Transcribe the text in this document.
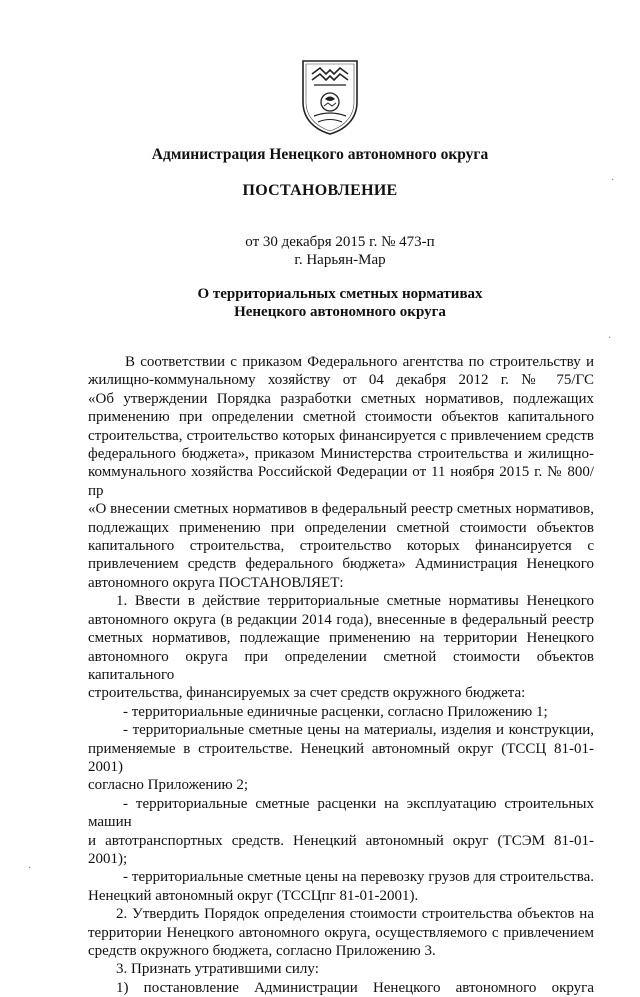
Администрация Ненецкого автономного округа
ПОСТАНОВЛЕНИЕ
от 30 декабря 2015 г. № 473-п
г. Нарьян-Мар
О территориальных сметных нормативах
Ненецкого автономного округа

В соответствии с приказом Федерального агентства по строительству и

жилищно-коммунальному хозяйству от 04 декабря 2012 г. № 75/ГС

«Об утверждении Порядка разработки сметных нормативов, подлежащих

применению при определении сметной стоимости объектов капитального

строительства, строительство которых финансируется с привлечением средств

федерального бюджета», приказом Министерства строительства и жилищно-

коммунального хозяйства Российской Федерации от 11 ноября 2015 г. № 800/пр

«О внесении сметных нормативов в федеральный реестр сметных нормативов,

подлежащих применению при определении сметной стоимости объектов

капитального строительства, строительство которых финансируется с

привлечением средств федерального бюджета» Администрация Ненецкого

автономного округа ПОСТАНОВЛЯЕТ:

1. Ввести в действие территориальные сметные нормативы Ненецкого

автономного округа (в редакции 2014 года), внесенные в федеральный реестр

сметных нормативов, подлежащие применению на территории Ненецкого

автономного округа при определении сметной стоимости объектов капитального

строительства, финансируемых за счет средств окружного бюджета:

- территориальные единичные расценки, согласно Приложению 1;

- территориальные сметные цены на материалы, изделия и конструкции,

применяемые в строительстве. Ненецкий автономный округ (ТССЦ 81-01-2001)

согласно Приложению 2;

- территориальные сметные расценки на эксплуатацию строительных машин

и автотранспортных средств. Ненецкий автономный округ (ТСЭМ 81-01-2001);

- территориальные сметные цены на перевозку грузов для строительства.

Ненецкий автономный округ (ТССЦпг 81-01-2001).

2. Утвердить Порядок определения стоимости строительства объектов на

территории Ненецкого автономного округа, осуществляемого с привлечением

средств окружного бюджета, согласно Приложению 3.

3. Признать утратившими силу:

1) постановление Администрации Ненецкого автономного округа

·
·
·
